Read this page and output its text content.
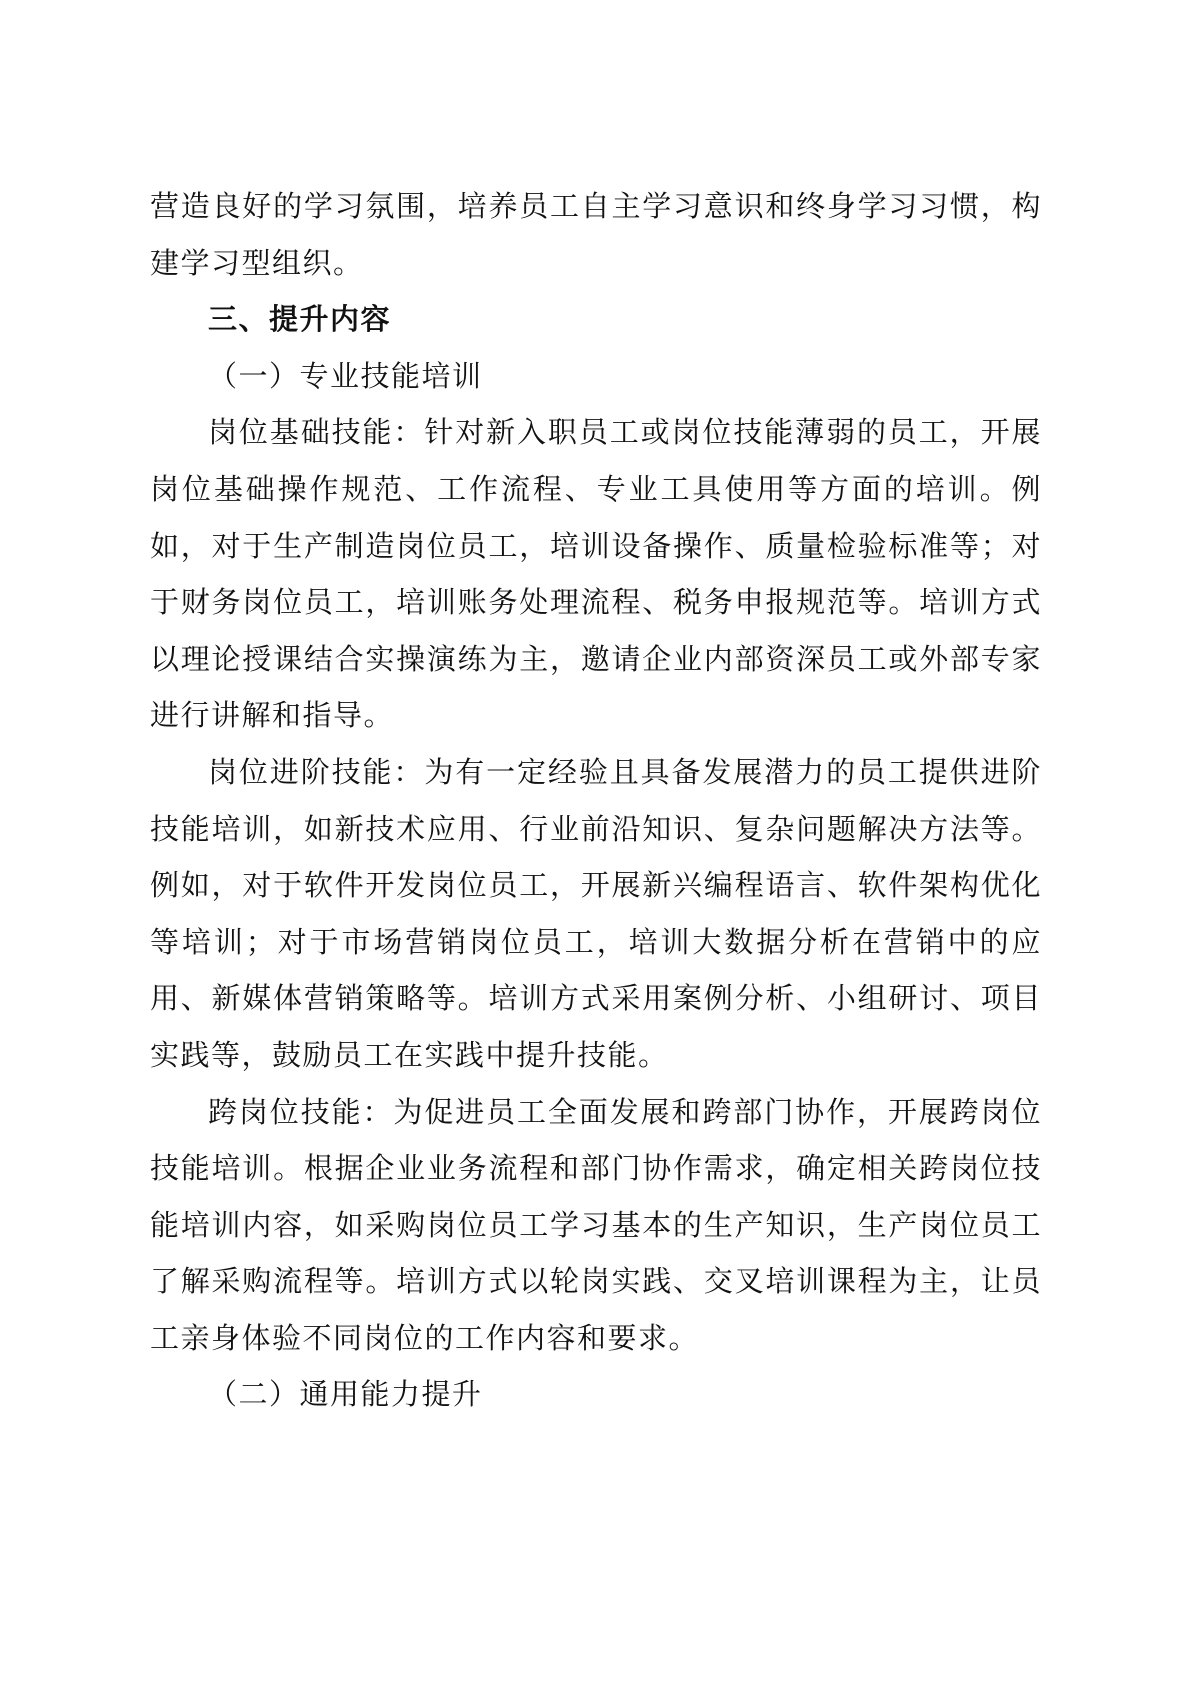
营造良好的学习氛围，培养员工自主学习意识和终身学习习惯，构建学习型组织。

三、提升内容

（一）专业技能培训

岗位基础技能：针对新入职员工或岗位技能薄弱的员工，开展岗位基础操作规范、工作流程、专业工具使用等方面的培训。例如，对于生产制造岗位员工，培训设备操作、质量检验标准等；对于财务岗位员工，培训账务处理流程、税务申报规范等。培训方式以理论授课结合实操演练为主，邀请企业内部资深员工或外部专家进行讲解和指导。

岗位进阶技能：为有一定经验且具备发展潜力的员工提供进阶技能培训，如新技术应用、行业前沿知识、复杂问题解决方法等。例如，对于软件开发岗位员工，开展新兴编程语言、软件架构优化等培训；对于市场营销岗位员工，培训大数据分析在营销中的应用、新媒体营销策略等。培训方式采用案例分析、小组研讨、项目实践等，鼓励员工在实践中提升技能。

跨岗位技能：为促进员工全面发展和跨部门协作，开展跨岗位技能培训。根据企业业务流程和部门协作需求，确定相关跨岗位技能培训内容，如采购岗位员工学习基本的生产知识，生产岗位员工了解采购流程等。培训方式以轮岗实践、交叉培训课程为主，让员工亲身体验不同岗位的工作内容和要求。

（二）通用能力提升
